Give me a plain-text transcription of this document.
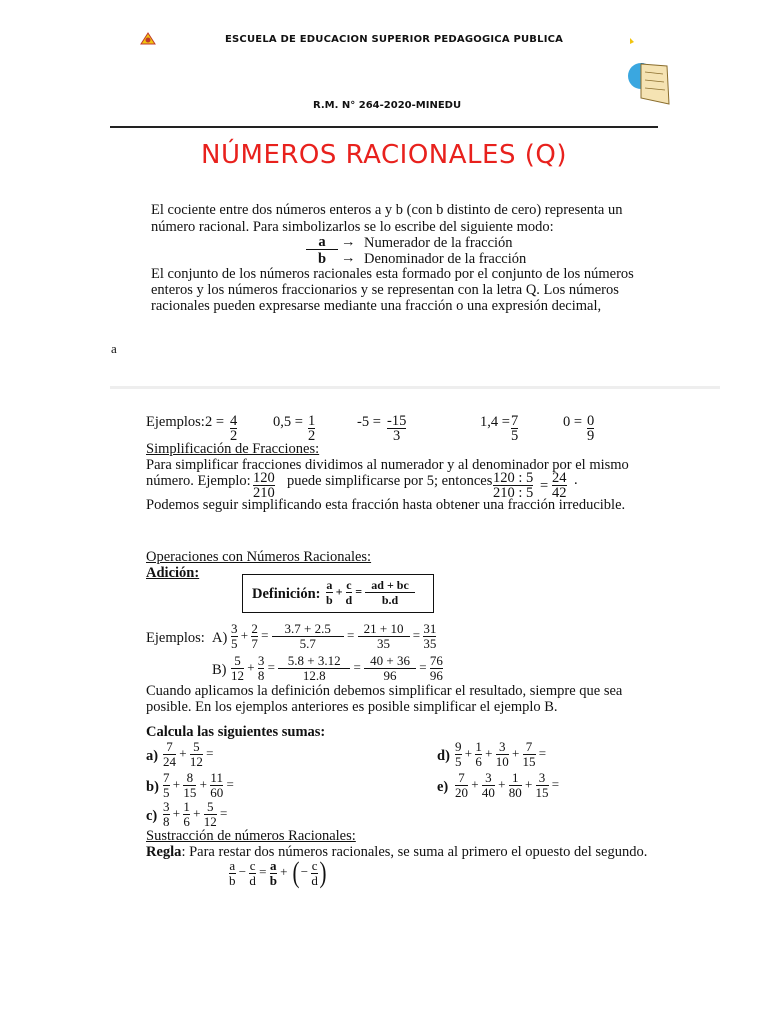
ESCUELA DE EDUCACIÓN SUPERIOR PEDAGÓGICA PÚBLICA
R.M. N° 264-2020-MINEDU
NÚMEROS RACIONALES (Q)
El cociente entre dos números enteros a y b (con b distinto de cero) representa un
número racional. Para simbolizarlos se lo escribe del siguiente modo:
a	→ Numerador de la fracción
b	→ Denominador de la fracción
El conjunto de los números racionales esta formado por el conjunto de los números
enteros y los números fraccionarios y se representan con la letra Q. Los números
racionales pueden expresarse mediante una fracción o una expresión decimal,
a
Ejemplos: $2 = \frac{4}{2} 0,5 = \frac{1}{2}$	$-5 = \frac{-15}{3}$	$1,4 = \frac{7}{5}$	$0 = \frac{0}{9}$
Simplificación de Fracciones:
Para simplificar fracciones dividimos al numerador y al denominador por el mismo
número. Ejemplo: $\frac{120}{210}$ puede simplificarse por 5; entonces $\frac{120 : 5}{210 : 5} = \frac{24}{42}$ .
Podemos seguir simplificando esta fracción hasta obtener una fracción irreducible.
Operaciones con Números Racionales:
Adición:
Definición: $\frac{a}{b} + \frac{c}{d} = \frac{ad + bc}{b.d}$
Ejemplos: $A) \frac{3}{5} + \frac{2}{7} = \frac{3.7 + 2.5}{5.7} = \frac{21 + 10}{35} = \frac{31}{35}$
$B) \frac{5}{12} + \frac{3}{8} = \frac{5.8 + 3.12}{12.8} = \frac{40 + 36}{96} = \frac{76}{96}$
Cuando aplicamos la definición debemos simplificar el resultado, siempre que sea
posible. En los ejemplos anteriores es posible simplificar el ejemplo B.
Calcula las siguientes sumas:
$a) \frac{7}{24} + \frac{5}{12}$ =
$b) \frac{7}{5} + \frac{8}{15} + \frac{11}{60}$ =
$c) \frac{3}{8} + \frac{1}{6} + \frac{5}{12}$ =
$d) \frac{9}{5} + \frac{1}{6} + \frac{3}{10} + \frac{7}{15}$ =
$e) \frac{7}{20} + \frac{3}{40} + \frac{1}{80} + \frac{3}{15}$ =
Sustracción de números Racionales:
Regla: Para restar dos números racionales, se suma al primero el opuesto del segundo.
$\frac{a}{b} - \frac{c}{d} = \frac{a}{b}$ + ( − $\frac{c}{d}$ )
